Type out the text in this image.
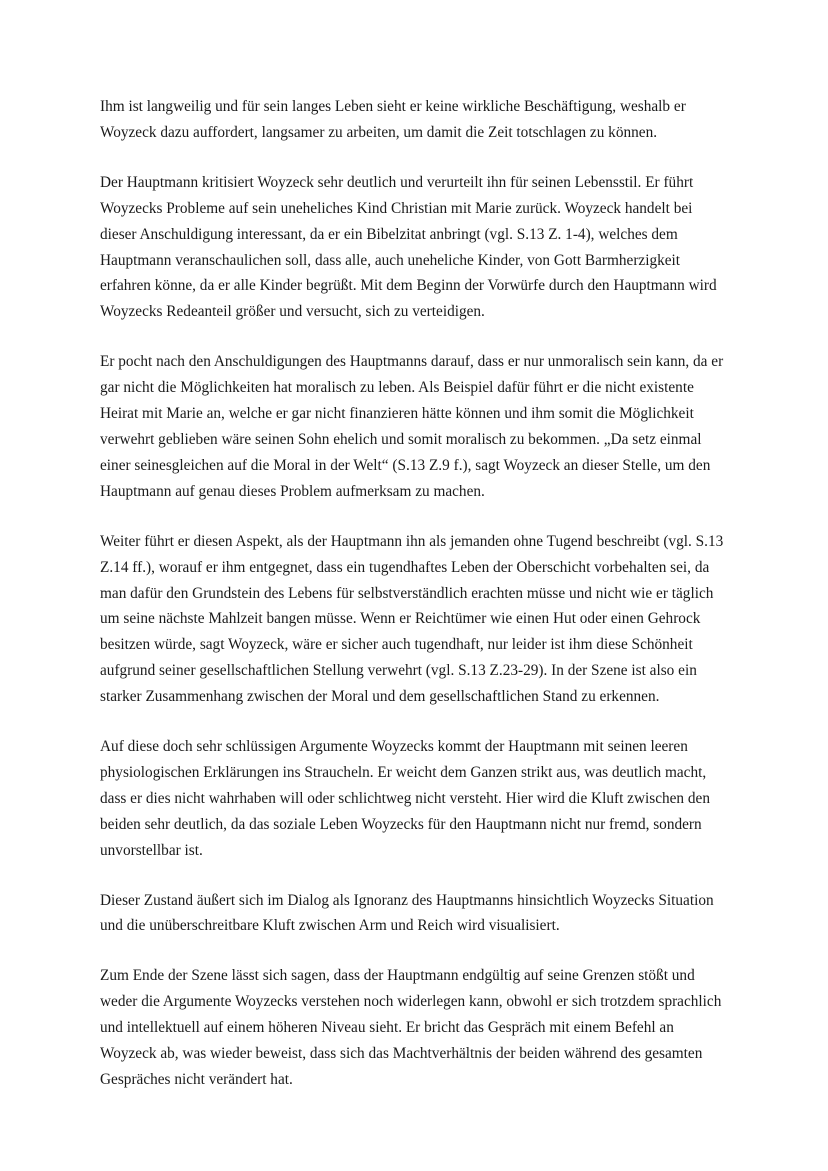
Ihm ist langweilig und für sein langes Leben sieht er keine wirkliche Beschäftigung, weshalb er
Woyzeck dazu auffordert, langsamer zu arbeiten, um damit die Zeit totschlagen zu können.

Der Hauptmann kritisiert Woyzeck sehr deutlich und verurteilt ihn für seinen Lebensstil. Er führt
Woyzecks Probleme auf sein uneheliches Kind Christian mit Marie zurück. Woyzeck handelt bei
dieser Anschuldigung interessant, da er ein Bibelzitat anbringt (vgl. S.13 Z. 1-4), welches dem
Hauptmann veranschaulichen soll, dass alle, auch uneheliche Kinder, von Gott Barmherzigkeit
erfahren könne, da er alle Kinder begrüßt. Mit dem Beginn der Vorwürfe durch den Hauptmann wird
Woyzecks Redeanteil größer und versucht, sich zu verteidigen.

Er pocht nach den Anschuldigungen des Hauptmanns darauf, dass er nur unmoralisch sein kann, da er
gar nicht die Möglichkeiten hat moralisch zu leben. Als Beispiel dafür führt er die nicht existente
Heirat mit Marie an, welche er gar nicht finanzieren hätte können und ihm somit die Möglichkeit
verwehrt geblieben wäre seinen Sohn ehelich und somit moralisch zu bekommen. „Da setz einmal
einer seinesgleichen auf die Moral in der Welt“ (S.13 Z.9 f.), sagt Woyzeck an dieser Stelle, um den
Hauptmann auf genau dieses Problem aufmerksam zu machen.

Weiter führt er diesen Aspekt, als der Hauptmann ihn als jemanden ohne Tugend beschreibt (vgl. S.13
Z.14 ff.), worauf er ihm entgegnet, dass ein tugendhaftes Leben der Oberschicht vorbehalten sei, da
man dafür den Grundstein des Lebens für selbstverständlich erachten müsse und nicht wie er täglich
um seine nächste Mahlzeit bangen müsse. Wenn er Reichtümer wie einen Hut oder einen Gehrock
besitzen würde, sagt Woyzeck, wäre er sicher auch tugendhaft, nur leider ist ihm diese Schönheit
aufgrund seiner gesellschaftlichen Stellung verwehrt (vgl. S.13 Z.23-29). In der Szene ist also ein
starker Zusammenhang zwischen der Moral und dem gesellschaftlichen Stand zu erkennen.

Auf diese doch sehr schlüssigen Argumente Woyzecks kommt der Hauptmann mit seinen leeren
physiologischen Erklärungen ins Straucheln. Er weicht dem Ganzen strikt aus, was deutlich macht,
dass er dies nicht wahrhaben will oder schlichtweg nicht versteht. Hier wird die Kluft zwischen den
beiden sehr deutlich, da das soziale Leben Woyzecks für den Hauptmann nicht nur fremd, sondern
unvorstellbar ist.

Dieser Zustand äußert sich im Dialog als Ignoranz des Hauptmanns hinsichtlich Woyzecks Situation
und die unüberschreitbare Kluft zwischen Arm und Reich wird visualisiert.

Zum Ende der Szene lässt sich sagen, dass der Hauptmann endgültig auf seine Grenzen stößt und
weder die Argumente Woyzecks verstehen noch widerlegen kann, obwohl er sich trotzdem sprachlich
und intellektuell auf einem höheren Niveau sieht. Er bricht das Gespräch mit einem Befehl an
Woyzeck ab, was wieder beweist, dass sich das Machtverhältnis der beiden während des gesamten
Gespräches nicht verändert hat.
